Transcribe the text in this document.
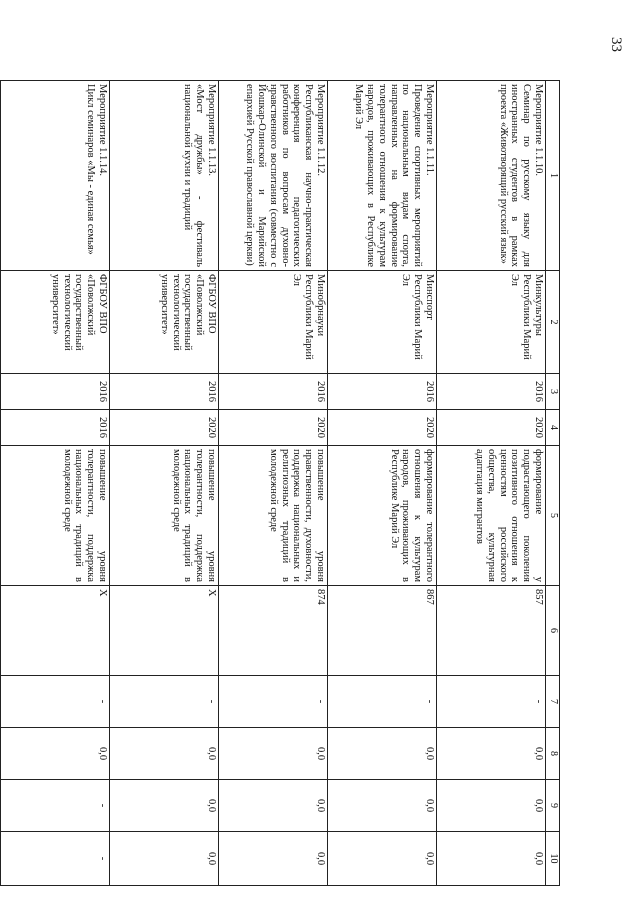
33
1	2	3	4	5	6	7	8	9	10

Мероприятие 1.1.10.
Семинар по русскому языку для иностранных студентов в рамках проекта «Животворящий русский язык»	Минкультуры Республики Марий Эл	2016	2020	формирование у подрастающего поколения позитивного отношения к ценностям российского общества, культурная адаптация мигрантов	857	-	0,0	0,0	0,0

Мероприятие 1.1.11.
Проведение спортивных мероприятий по национальным видам спорта, направленных на формирование толерантного отношения к культурам народов, проживающих в Республике Марий Эл	Минспорт Республики Марий Эл	2016	2020	формирование толерантного отношения к культурам народов, проживающих в Республике Марий Эл	867	-	0,0	0,0	0,0

Мероприятие 1.1.12.
Республиканская научно-практическая конференция педагогических работников по вопросам духовно-нравственного воспитания (совместно с Йошкар-Олинской и Марийской епархией Русской православной церкви)	Минобрнауки Республики Марий Эл	2016	2020	повышение уровня нравственности, духовности, поддержка национальных и религиозных традиций в молодежной среде	874	-	0,0	0,0	0,0

Мероприятие 1.1.13.
«Мост дружбы» - фестиваль национальной кухни и традиций	ФГБОУ ВПО «Поволжский государственный технологический университет»	2016	2020	повышение уровня толерантности, поддержка национальных традиций в молодежной среде	Х	-	0,0	0,0	0,0

Мероприятие 1.1.14.
Цикл семинаров «Мы - единая семья»	ФГБОУ ВПО «Поволжский государственный технологический университет»	2016	2016	повышение уровня толерантности, поддержка национальных традиций в молодежной среде	Х	-	0,0	-	-
